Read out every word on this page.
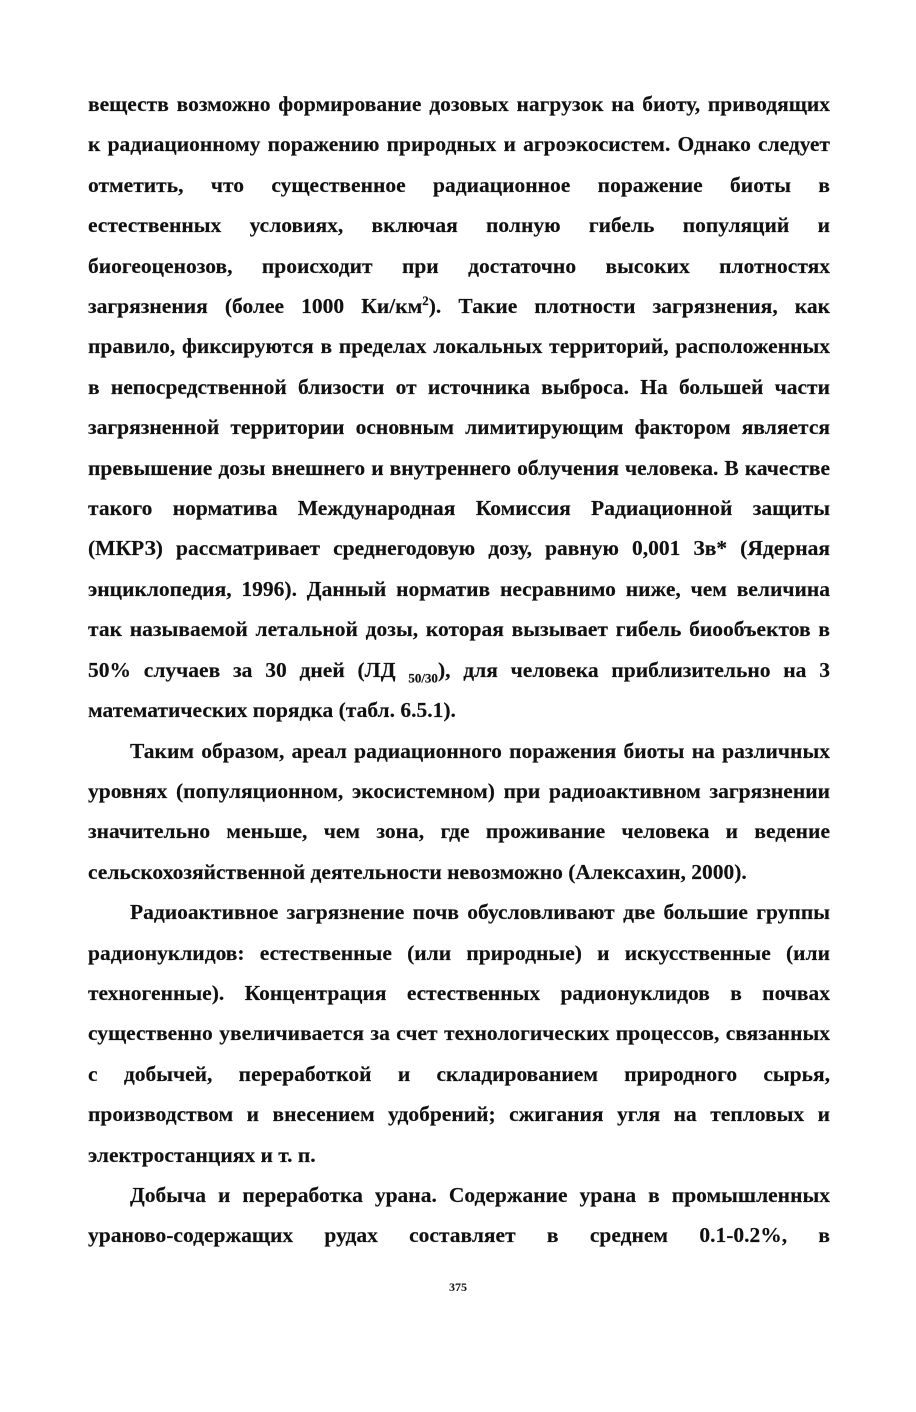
веществ возможно формирование дозовых нагрузок на биоту, приводящих к радиационному поражению природных и агроэкосистем. Однако следует отметить, что существенное радиационное поражение биоты в естественных условиях, включая полную гибель популяций и биогеоценозов, происходит при достаточно высоких плотностях загрязнения (более 1000 $Ки/км^2$). Такие плотности загрязнения, как правило, фиксируются в пределах локальных территорий, расположенных в непосредственной близости от источника выброса. На большей части загрязненной территории основным лимитирующим фактором является превышение дозы внешнего и внутреннего облучения человека. В качестве такого норматива Международная Комиссия Радиационной защиты (МКРЗ) рассматривает среднегодовую дозу, равную 0,001 Зв* (Ядерная энциклопедия, 1996). Данный норматив несравнимо ниже, чем величина так называемой летальной дозы, которая вызывает гибель биообъектов в 50% случаев за 30 дней (ЛД $_{50/30}$), для человека приблизительно на 3 математических порядка (табл. 6.5.1).

Таким образом, ареал радиационного поражения биоты на различных уровнях (популяционном, экосистемном) при радиоактивном загрязнении значительно меньше, чем зона, где проживание человека и ведение сельскохозяйственной деятельности невозможно (Алексахин, 2000).

Радиоактивное загрязнение почв обусловливают две большие группы радионуклидов: естественные (или природные) и искусственные (или техногенные). Концентрация естественных радионуклидов в почвах существенно увеличивается за счет технологических процессов, связанных с добычей, переработкой и складированием природного сырья, производством и внесением удобрений; сжигания угля на тепловых и электростанциях и т. п.

Добыча и переработка урана. Содержание урана в промышленных ураново-содержащих рудах составляет в среднем 0.1-0.2%, в

375
